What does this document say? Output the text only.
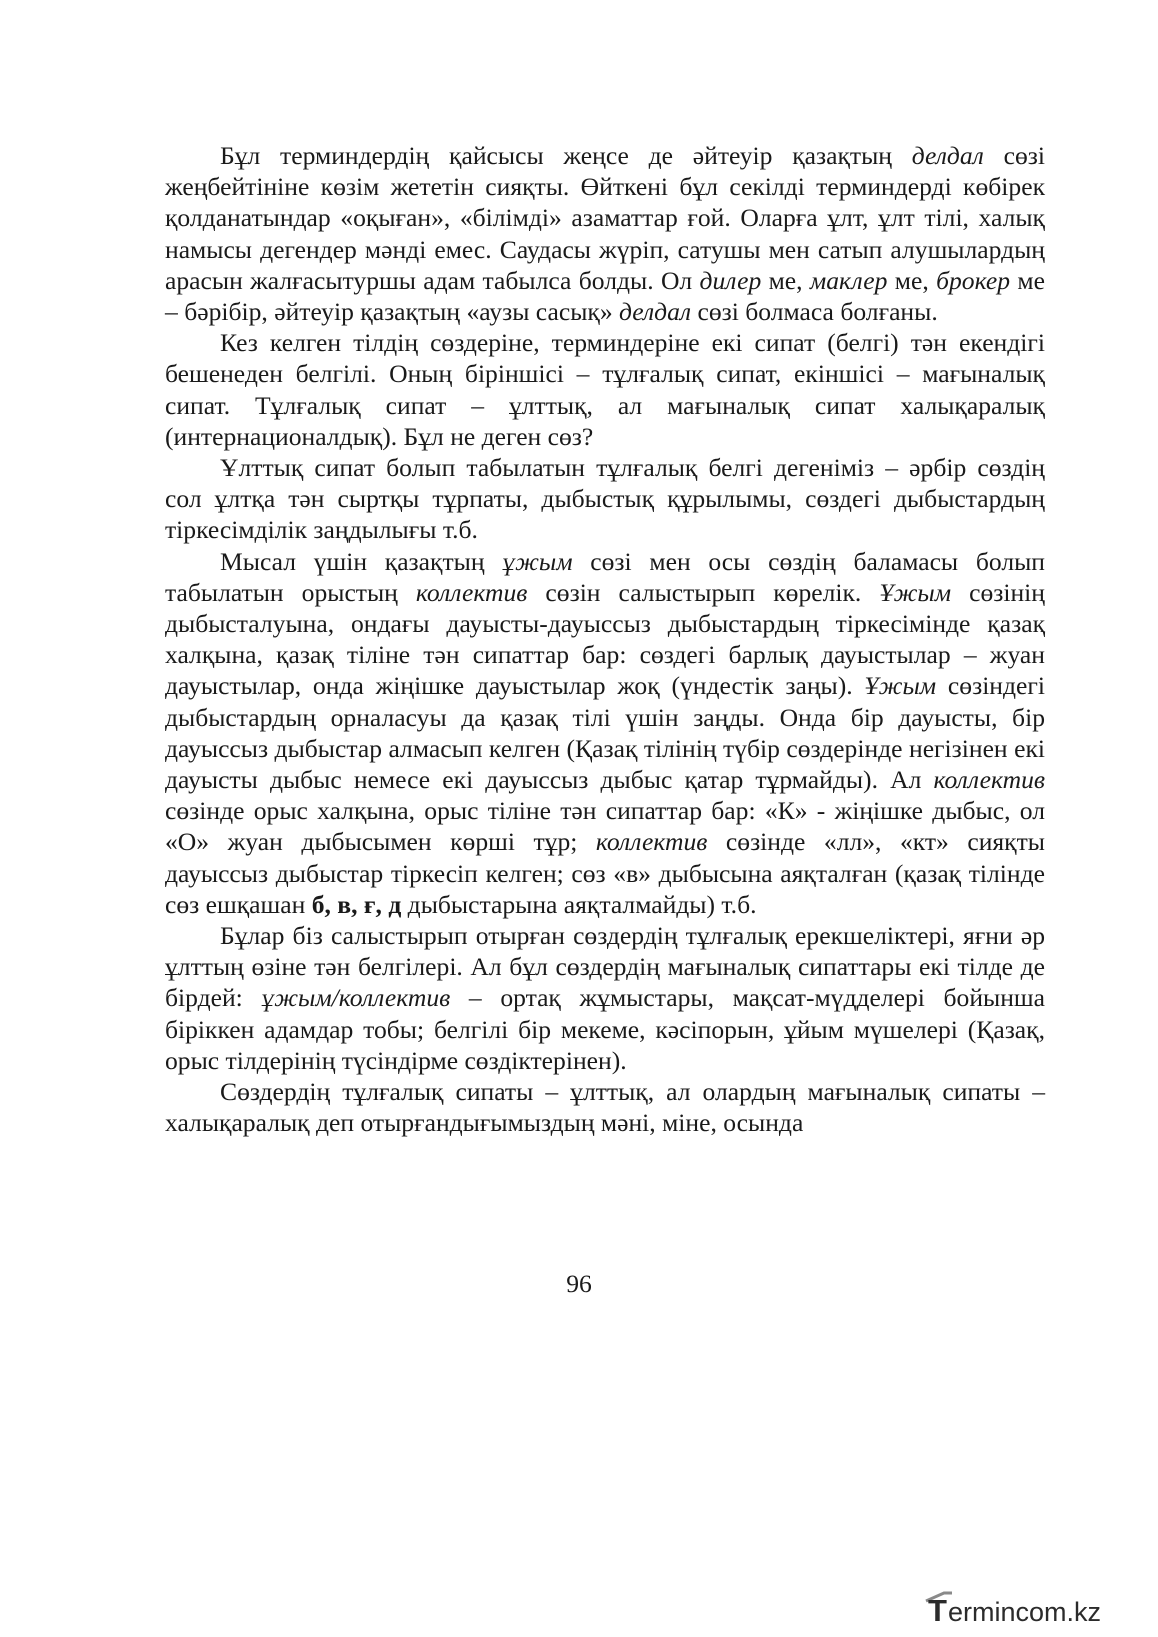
Бұл терминдердің қайсысы жеңсе де әйтеуір қазақтың делдал сөзі жеңбейтініне көзім жететін сияқты. Өйткені бұл секілді терминдерді көбірек қолданатындар «оқыған», «білімді» азаматтар ғой. Оларға ұлт, ұлт тілі, халық намысы дегендер мәнді емес. Саудасы жүріп, сатушы мен сатып алушылардың арасын жалғасытуршы адам табылса болды. Ол дилер ме, маклер ме, брокер ме – бәрібір, әйтеуір қазақтың «аузы сасық» делдал сөзі болмаса болғаны.

Кез келген тілдің сөздеріне, терминдеріне екі сипат (белгі) тән екендігі бешенеден белгілі. Оның біріншісі – тұлғалық сипат, екіншісі – мағыналық сипат. Тұлғалық сипат – ұлттық, ал мағыналық сипат халықаралық (интернационалдық). Бұл не деген сөз?

Ұлттық сипат болып табылатын тұлғалық белгі дегеніміз – әрбір сөздің сол ұлтқа тән сыртқы тұрпаты, дыбыстық құрылымы, сөздегі дыбыстардың тіркесімділік заңдылығы т.б.

Мысал үшін қазақтың ұжым сөзі мен осы сөздің баламасы болып табылатын орыстың коллектив сөзін салыстырып көрелік. Ұжым сөзінің дыбысталуына, ондағы дауысты-дауыссыз дыбыстардың тіркесімінде қазақ халқына, қазақ тіліне тән сипаттар бар: сөздегі барлық дауыстылар – жуан дауыстылар, онда жіңішке дауыстылар жоқ (үндестік заңы). Ұжым сөзіндегі дыбыстардың орналасуы да қазақ тілі үшін заңды. Онда бір дауысты, бір дауыссыз дыбыстар алмасып келген (Қазақ тілінің түбір сөздерінде негізінен екі дауысты дыбыс немесе екі дауыссыз дыбыс қатар тұрмайды). Ал коллектив сөзінде орыс халқына, орыс тіліне тән сипаттар бар: «К» - жіңішке дыбыс, ол «О» жуан дыбысымен көрші тұр; коллектив сөзінде «лл», «кт» сияқты дауыссыз дыбыстар тіркесіп келген; сөз «в» дыбысына аяқталған (қазақ тілінде сөз ешқашан б, в, ғ, д дыбыстарына аяқталмайды) т.б.

Бұлар біз салыстырып отырған сөздердің тұлғалық ерекшеліктері, яғни әр ұлттың өзіне тән белгілері. Ал бұл сөздердің мағыналық сипаттары екі тілде де бірдей: ұжым/коллектив – ортақ жұмыстары, мақсат-мүдделері бойынша біріккен адамдар тобы; белгілі бір мекеме, кәсіпорын, ұйым мүшелері (Қазақ, орыс тілдерінің түсіндірме сөздіктерінен).

Сөздердің тұлғалық сипаты – ұлттық, ал олардың мағыналық сипаты – халықаралық деп отырғандығымыздың мәні, міне, осында

96
T ermincom.kz
